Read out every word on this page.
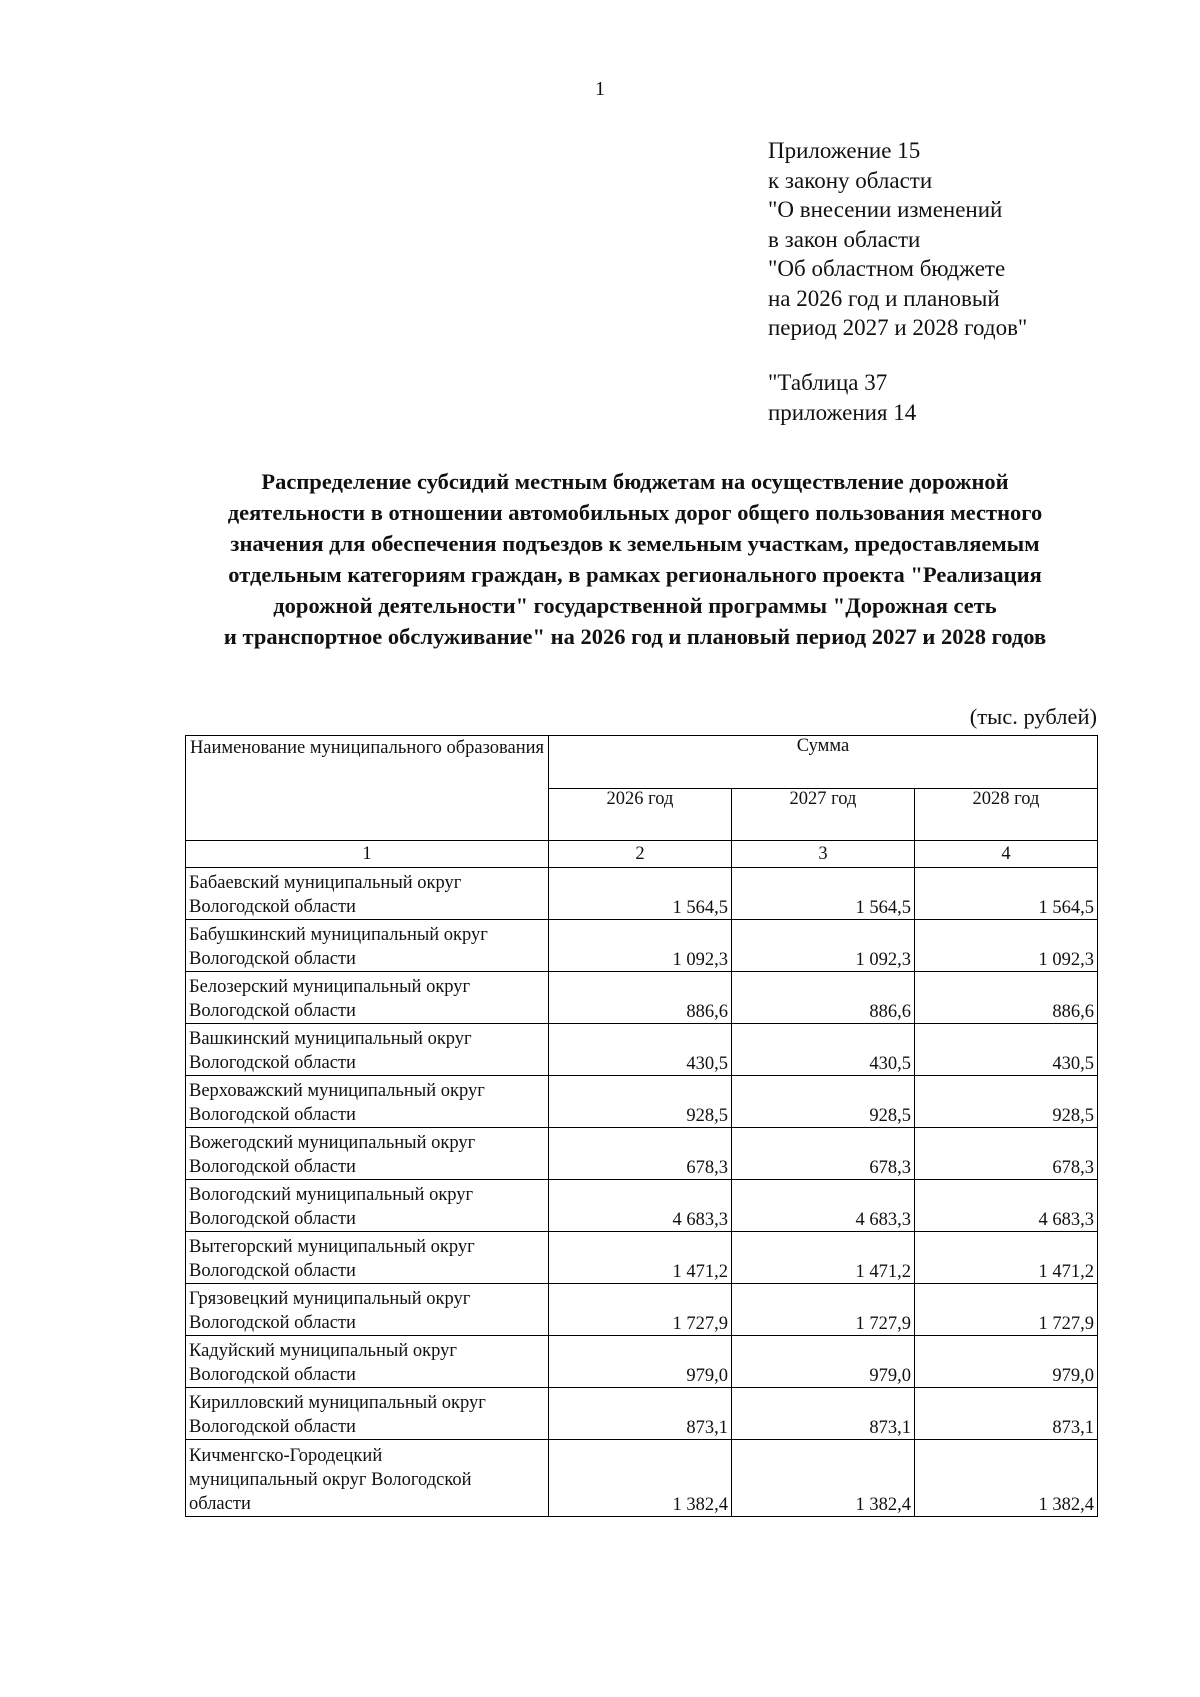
1
Приложение 15
к закону области
"О внесении изменений
в закон области
"Об областном бюджете
на 2026 год и плановый
период 2027 и 2028 годов"
"Таблица 37
приложения 14
Распределение субсидий местным бюджетам на осуществление дорожной
деятельности в отношении автомобильных дорог общего пользования местного
значения для обеспечения подъездов к земельным участкам, предоставляемым
отдельным категориям граждан, в рамках регионального проекта "Реализация
дорожной деятельности" государственной программы "Дорожная сеть
и транспортное обслуживание" на 2026 год и плановый период 2027 и 2028 годов
(тыс. рублей)
Наименование муниципального образования	Сумма		
	2026 год	2027 год	2028 год
1	2	3	4

Бабаевский муниципальный округ
Вологодской области	1 564,5	1 564,5	1 564,5

Бабушкинский муниципальный округ
Вологодской области	1 092,3	1 092,3	1 092,3

Белозерский муниципальный округ
Вологодской области	886,6	886,6	886,6

Вашкинский муниципальный округ
Вологодской области	430,5	430,5	430,5

Верховажский муниципальный округ
Вологодской области	928,5	928,5	928,5

Вожегодский муниципальный округ
Вологодской области	678,3	678,3	678,3

Вологодский муниципальный округ
Вологодской области	4 683,3	4 683,3	4 683,3

Вытегорский муниципальный округ
Вологодской области	1 471,2	1 471,2	1 471,2

Грязовецкий муниципальный округ
Вологодской области	1 727,9	1 727,9	1 727,9

Кадуйский муниципальный округ
Вологодской области	979,0	979,0	979,0

Кирилловский муниципальный округ
Вологодской области	873,1	873,1	873,1

Кичменгско-Городецкий
муниципальный округ Вологодской
области	1 382,4	1 382,4	1 382,4
